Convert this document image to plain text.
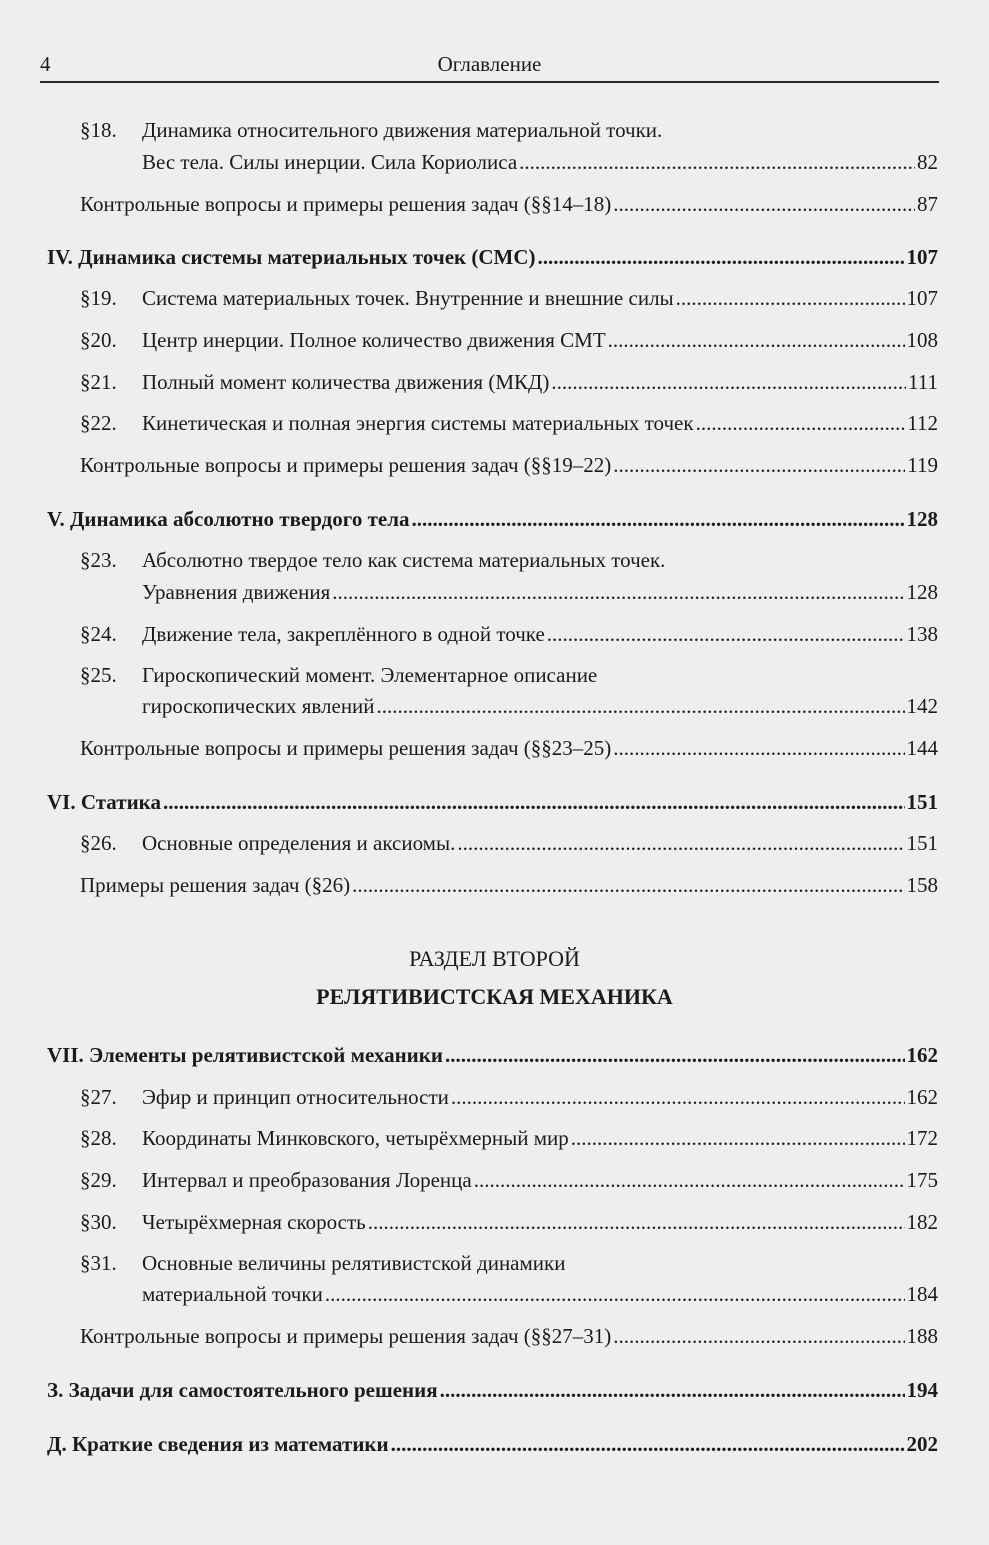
4	Оглавление
§18. Динамика относительного движения материальной точки.
Вес тела. Силы инерции. Сила Кориолиса .....	82
Контрольные вопросы и примеры решения задач (§§14–18) .....	87
IV. Динамика системы материальных точек (СМС) .....	107
§19. Система материальных точек. Внутренние и внешние силы .....	107
§20. Центр инерции. Полное количество движения СМТ .....	108
§21. Полный момент количества движения (МКД) .....	111
§22. Кинетическая и полная энергия системы материальных точек .....	112
Контрольные вопросы и примеры решения задач (§§19–22) .....	119
V. Динамика абсолютно твердого тела .....	128
§23. Абсолютно твердое тело как система материальных точек.
Уравнения движения .....	128
§24. Движение тела, закреплённого в одной точке .....	138
§25. Гироскопический момент. Элементарное описание
гироскопических явлений .....	142
Контрольные вопросы и примеры решения задач (§§23–25) .....	144
VI. Статика .....	151
§26. Основные определения и аксиомы. .....	151
Примеры решения задач (§26) .....	158
РАЗДЕЛ ВТОРОЙ
РЕЛЯТИВИСТСКАЯ МЕХАНИКА
VII. Элементы релятивистской механики .....	162
§27. Эфир и принцип относительности .....	162
§28. Координаты Минковского, четырёхмерный мир .....	172
§29. Интервал и преобразования Лоренца .....	175
§30. Четырёхмерная скорость .....	182
§31. Основные величины релятивистской динамики
материальной точки .....	184
Контрольные вопросы и примеры решения задач (§§27–31) .....	188
З. Задачи для самостоятельного решения .....	194
Д. Краткие сведения из математики .....	202
